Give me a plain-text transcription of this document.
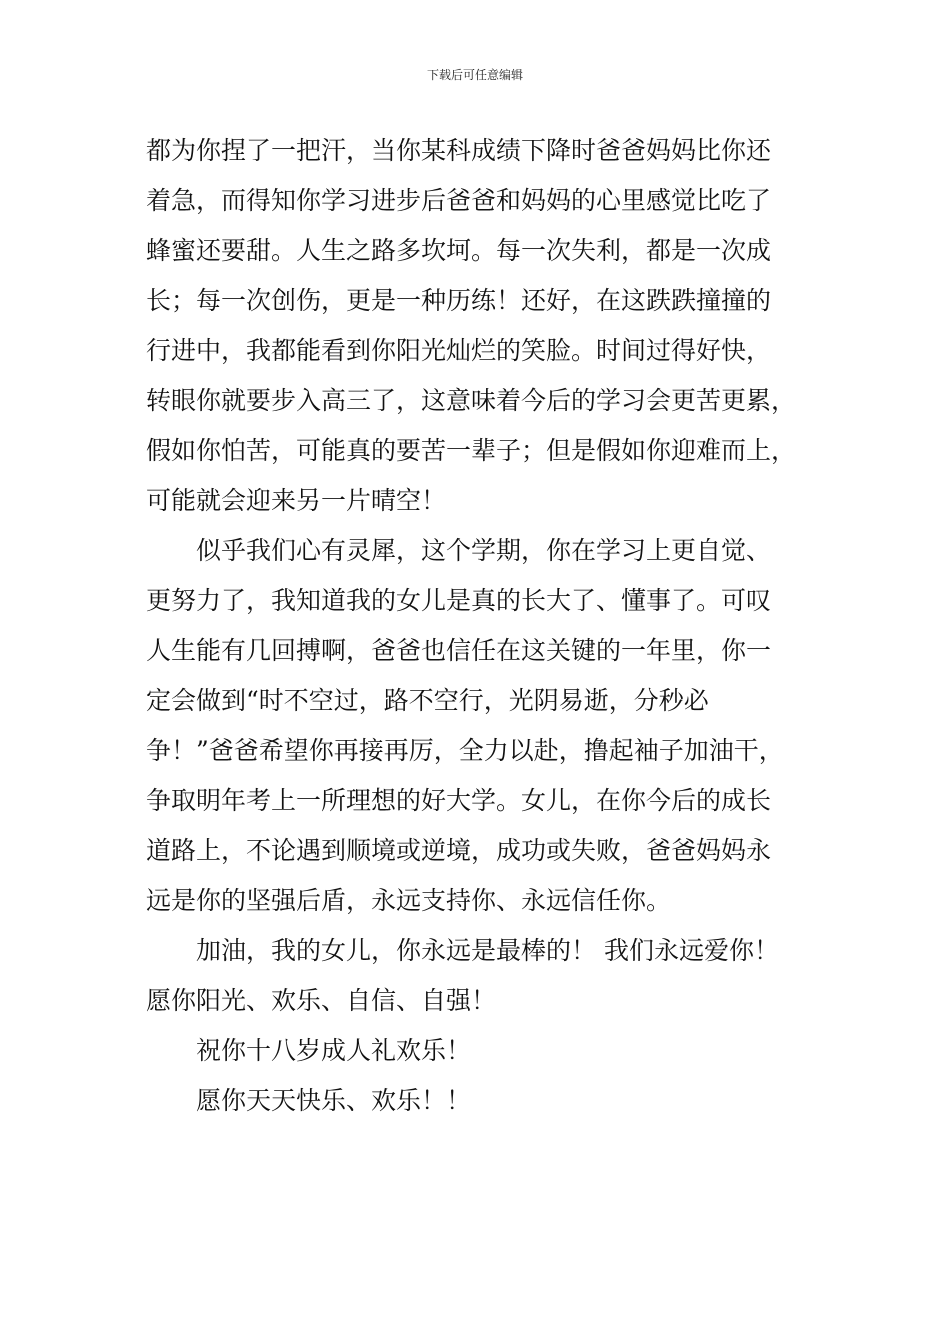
下载后可任意编辑
都为你捏了一把汗，当你某科成绩下降时爸爸妈妈比你还
着急，而得知你学习进步后爸爸和妈妈的心里感觉比吃了
蜂蜜还要甜。人生之路多坎坷。每一次失利，都是一次成
长；每一次创伤，更是一种历练！还好，在这跌跌撞撞的
行进中，我都能看到你阳光灿烂的笑脸。时间过得好快，
转眼你就要步入高三了，这意味着今后的学习会更苦更累，
假如你怕苦，可能真的要苦一辈子；但是假如你迎难而上，
可能就会迎来另一片晴空！
似乎我们心有灵犀，这个学期，你在学习上更自觉、
更努力了，我知道我的女儿是真的长大了、懂事了。可叹
人生能有几回搏啊，爸爸也信任在这关键的一年里，你一
定会做到“时不空过，路不空行，光阴易逝，分秒必
争！”爸爸希望你再接再厉，全力以赴，撸起袖子加油干，
争取明年考上一所理想的好大学。女儿，在你今后的成长
道路上，不论遇到顺境或逆境，成功或失败，爸爸妈妈永
远是你的坚强后盾，永远支持你、永远信任你。
加油，我的女儿，你永远是最棒的！ 我们永远爱你！
愿你阳光、欢乐、自信、自强！
祝你十八岁成人礼欢乐！
愿你天天快乐、欢乐！！
